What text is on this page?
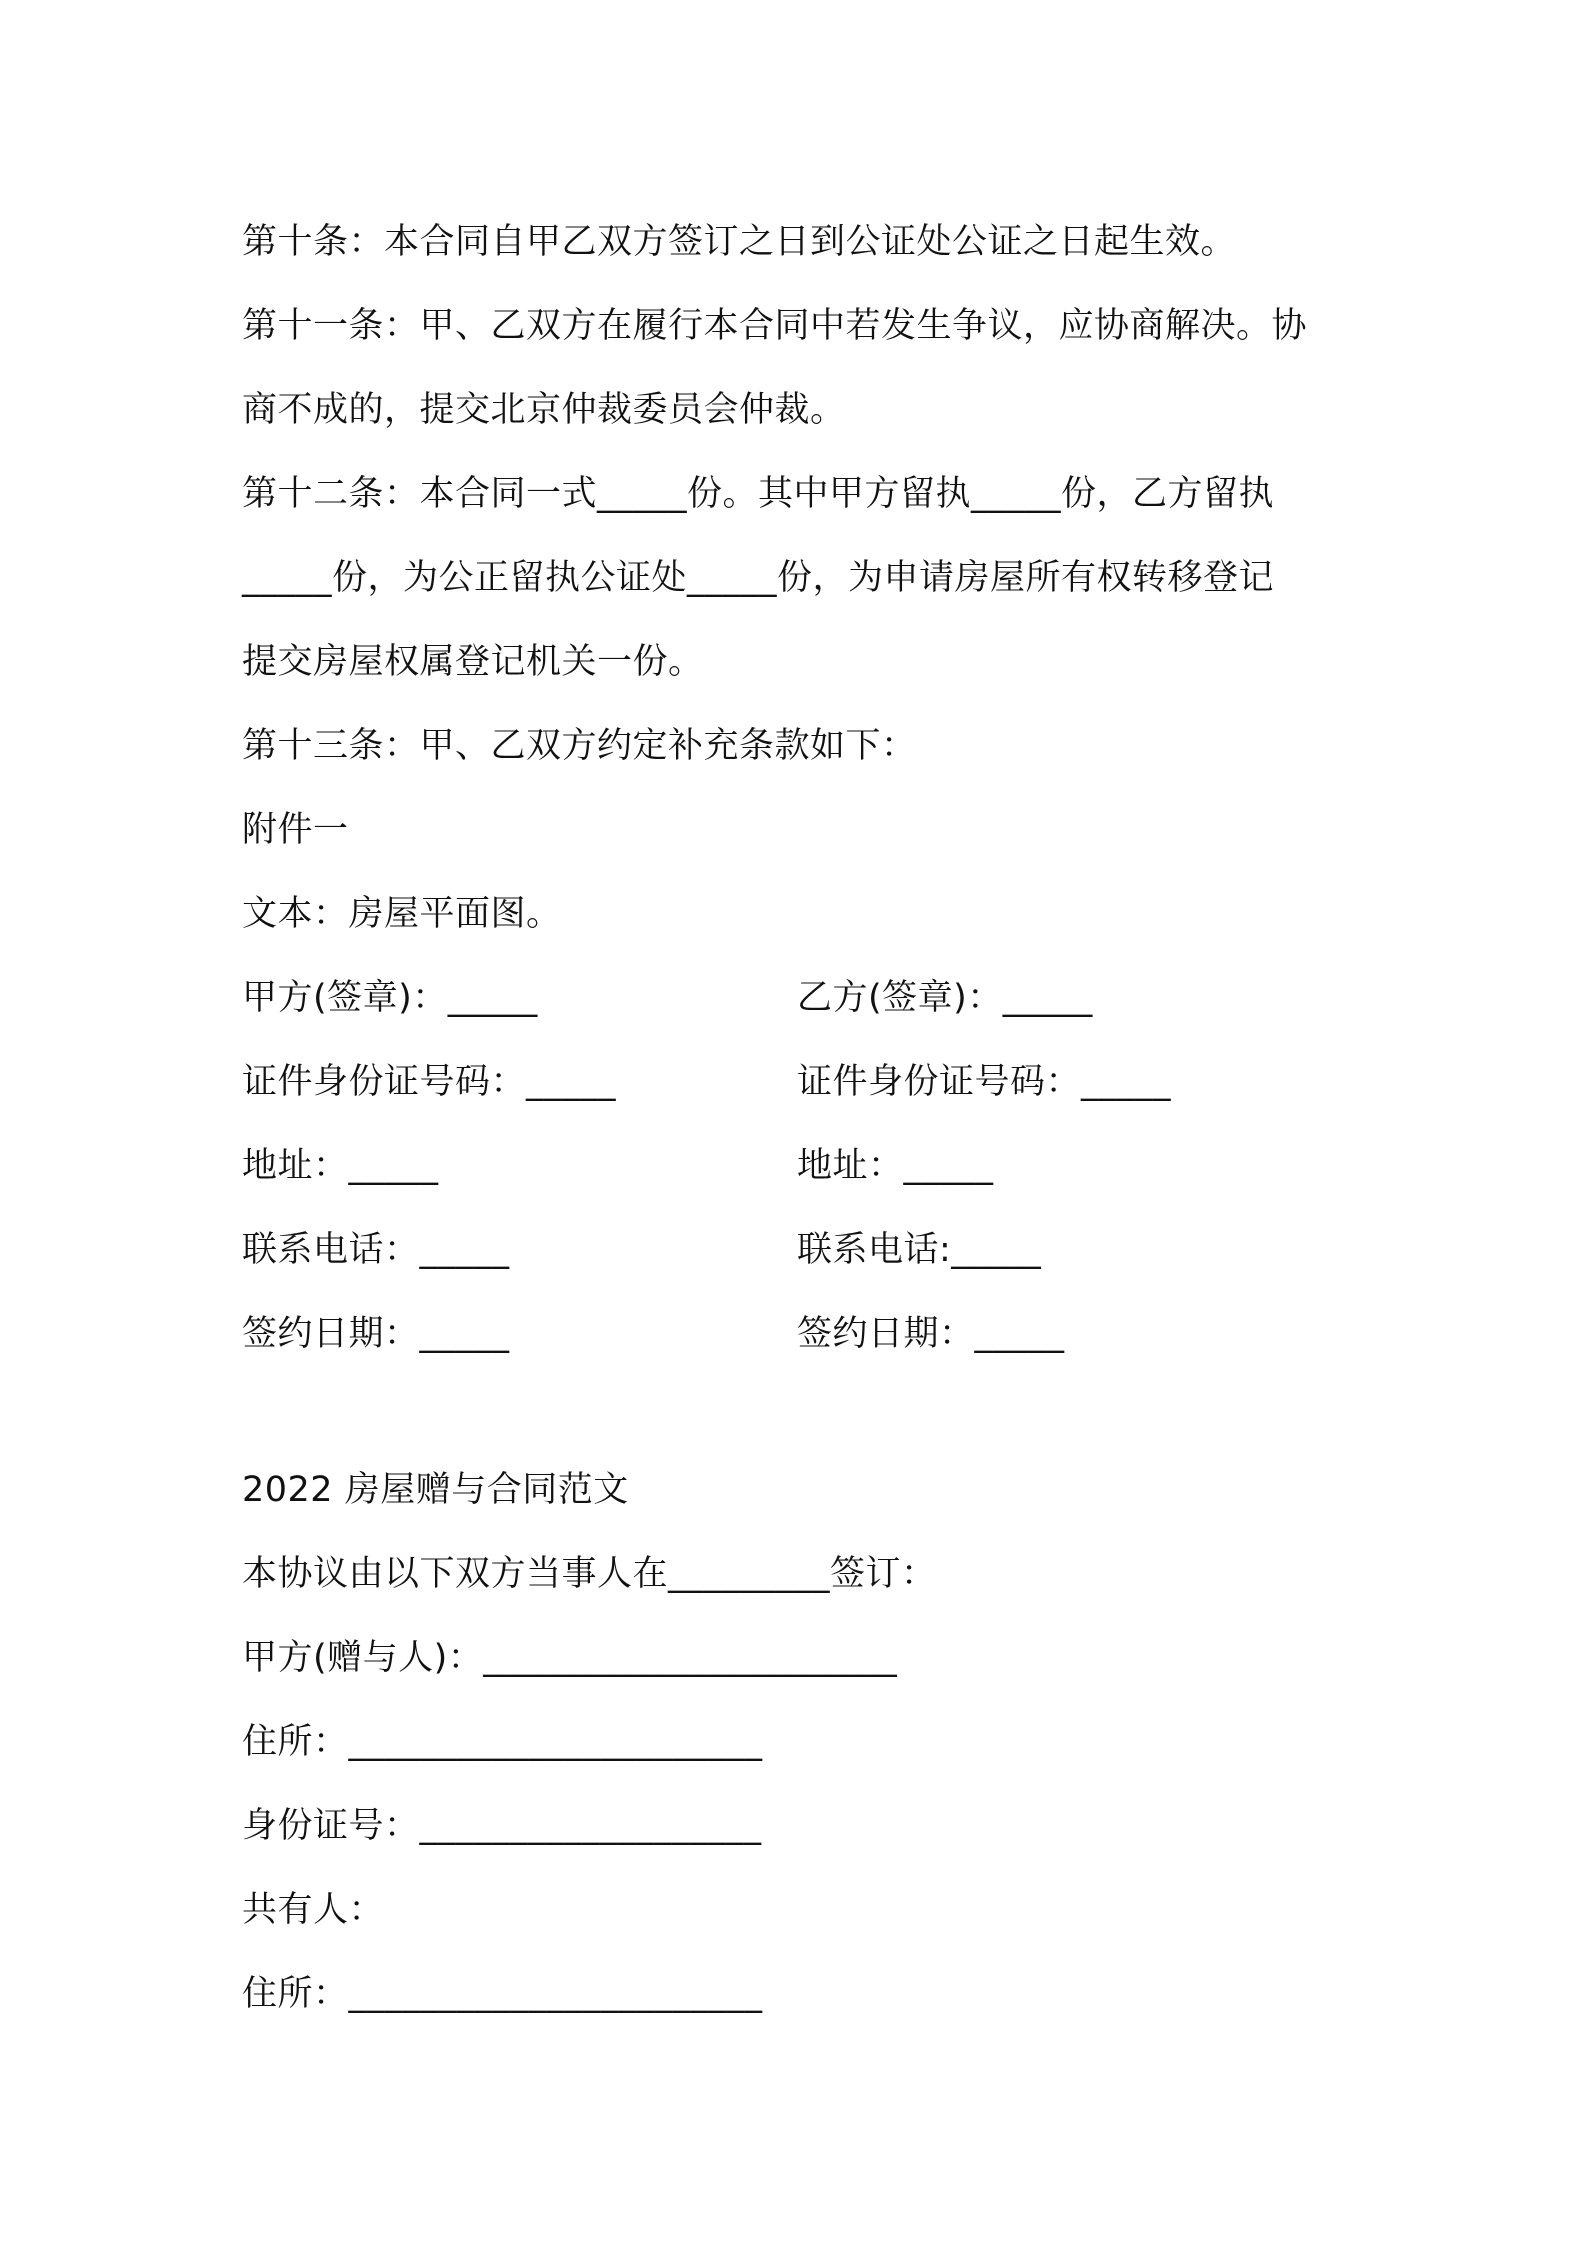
第十条：本合同自甲乙双方签订之日到公证处公证之日起生效。
第十一条：甲、乙双方在履行本合同中若发生争议，应协商解决。协
商不成的，提交北京仲裁委员会仲裁。
第十二条：本合同一式_____份。其中甲方留执_____份，乙方留执
_____份，为公正留执公证处_____份，为申请房屋所有权转移登记
提交房屋权属登记机关一份。
第十三条：甲、乙双方约定补充条款如下：
附件一
文本：房屋平面图。
甲方(签章)：_____	乙方(签章)：_____
证件身份证号码：_____	证件身份证号码：_____
地址：_____	地址：_____
联系电话：_____	联系电话:_____
签约日期：_____	签约日期：_____
2022 房屋赠与合同范文
本协议由以下双方当事人在_________签订：
甲方(赠与人)：_______________________
住所：_______________________
身份证号：___________________
共有人：
住所：_______________________
